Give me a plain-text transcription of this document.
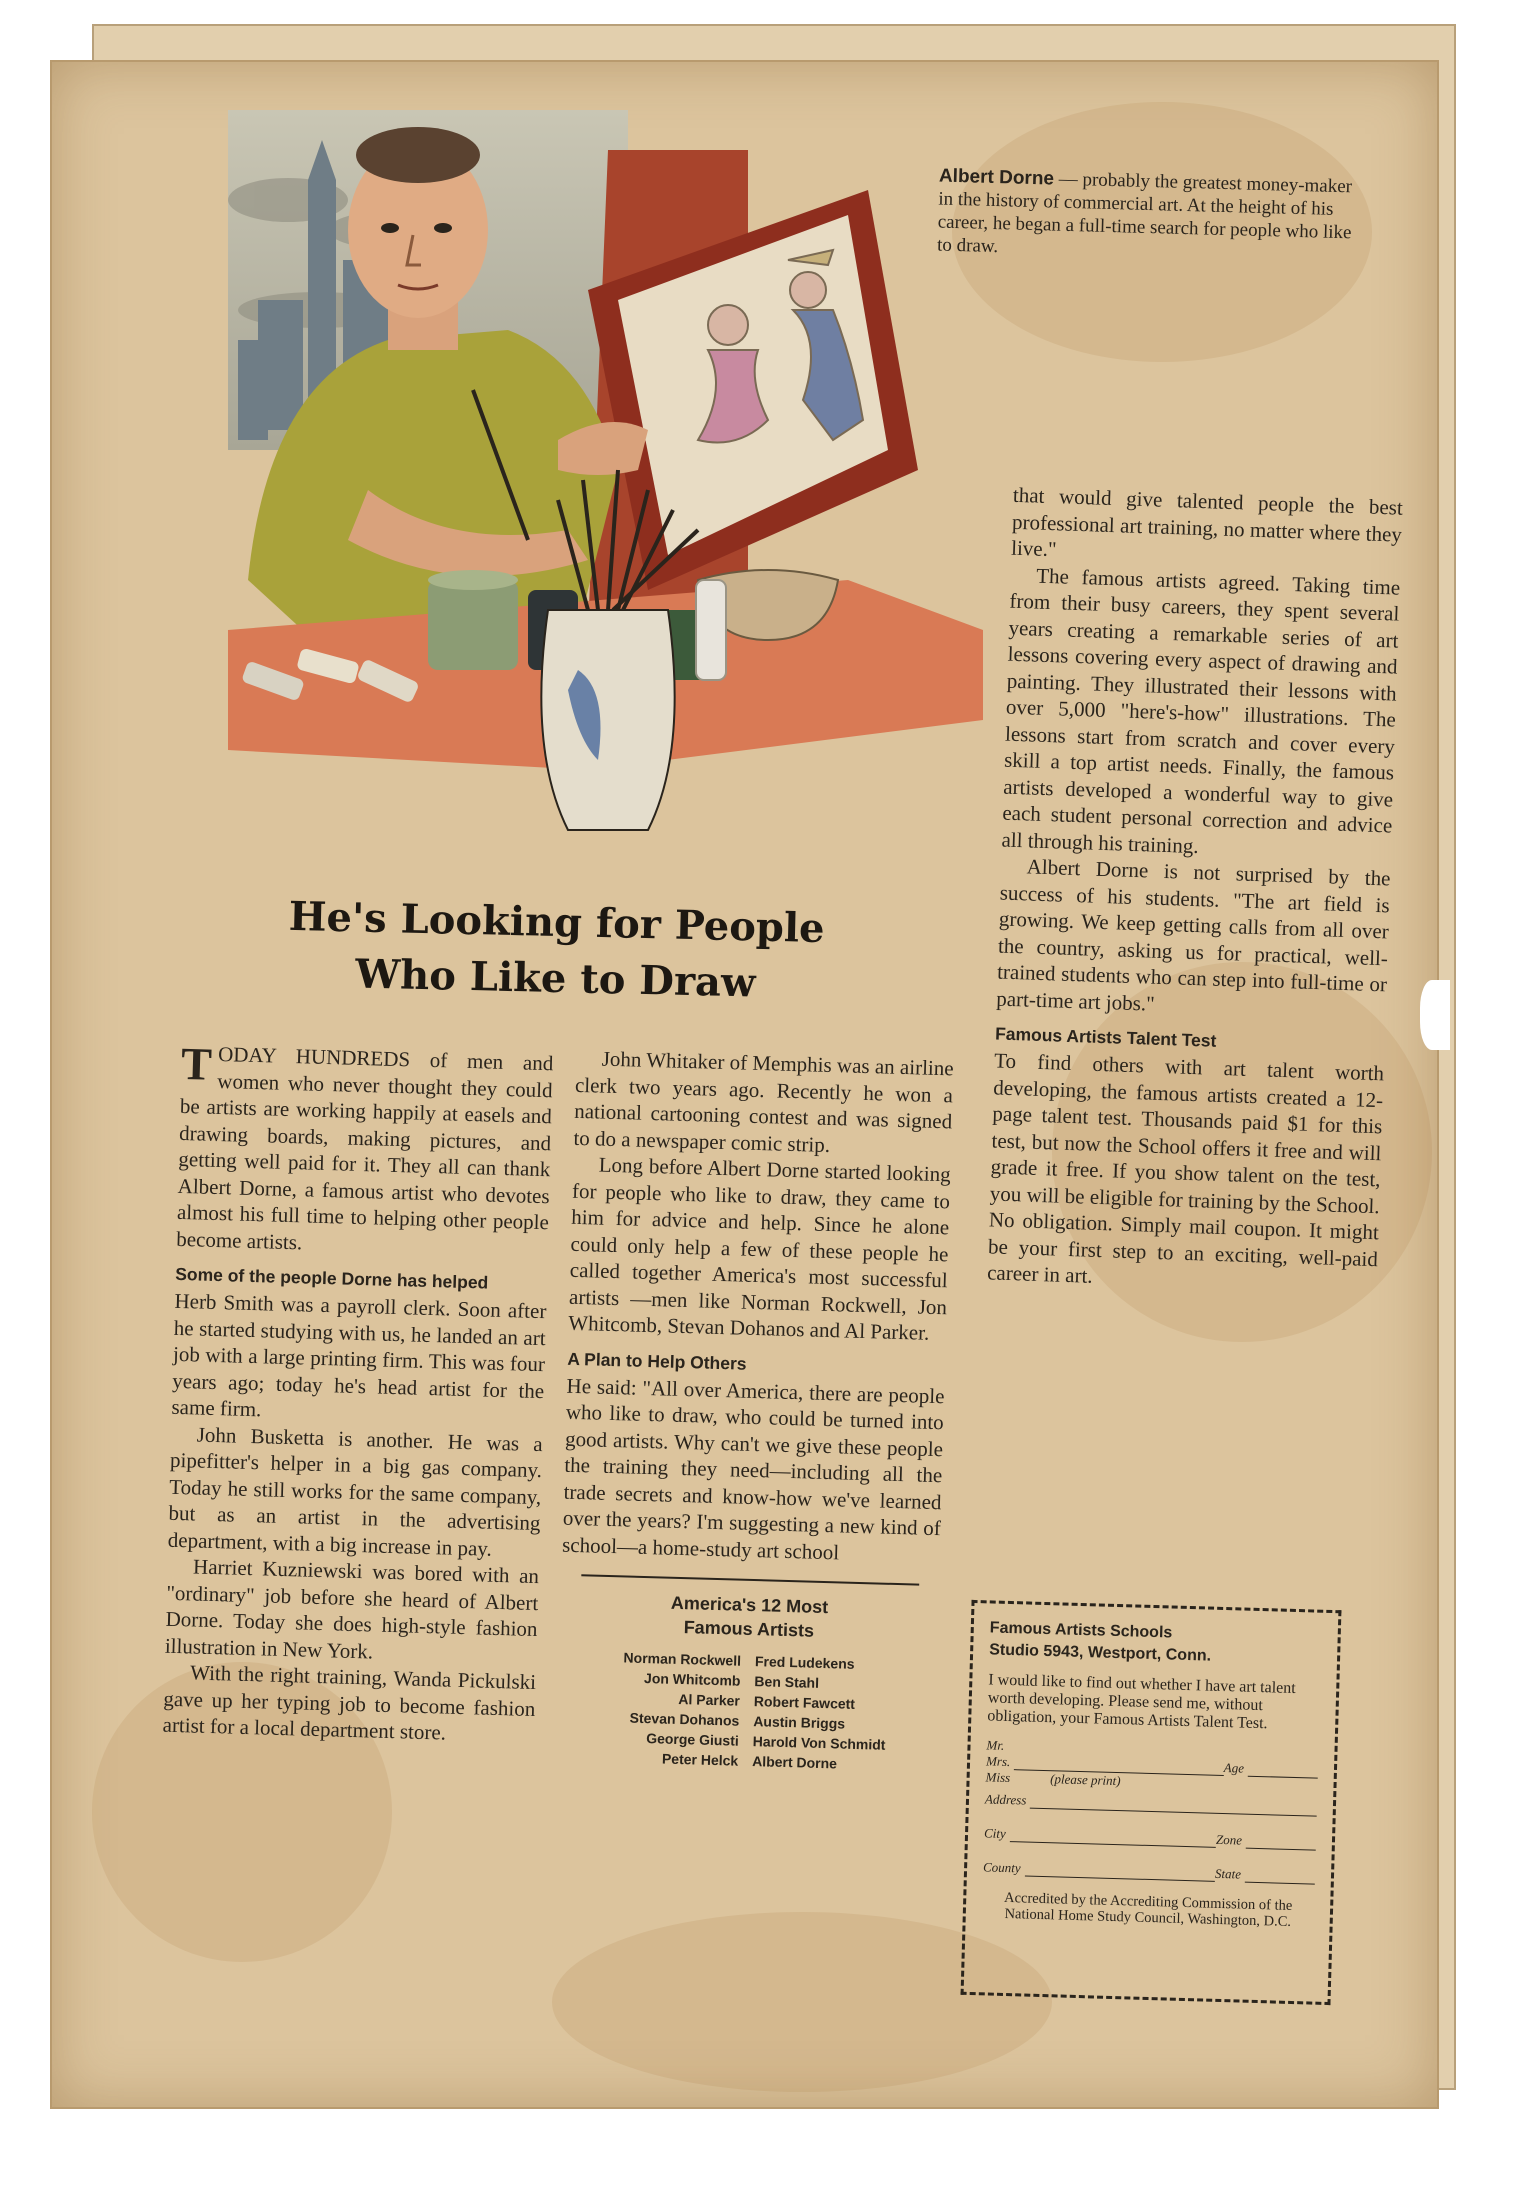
Albert Dorne — probably the greatest money-maker in the history of commercial art. At the height of his career, he began a full-time search for people who like to draw.
He's Looking for People
Who Like to Draw

TODAY HUNDREDS of men and women who never thought they could be artists are working happily at easels and drawing boards, making pictures, and getting well paid for it. They all can thank Albert Dorne, a famous artist who devotes almost his full time to helping other people become artists.

Some of the people Dorne has helped

Herb Smith was a payroll clerk. Soon after he started studying with us, he landed an art job with a large printing firm. This was four years ago; today he's head artist for the same firm.

John Busketta is another. He was a pipefitter's helper in a big gas company. Today he still works for the same company, but as an artist in the advertising department, with a big increase in pay.

Harriet Kuzniewski was bored with an "ordinary" job before she heard of Albert Dorne. Today she does high-style fashion illustration in New York.

With the right training, Wanda Pickulski gave up her typing job to become fashion artist for a local department store.

John Whitaker of Memphis was an airline clerk two years ago. Recently he won a national cartooning contest and was signed to do a newspaper comic strip.

Long before Albert Dorne started looking for people who like to draw, they came to him for advice and help. Since he alone could only help a few of these people he called together America's most successful artists —men like Norman Rockwell, Jon Whitcomb, Stevan Dohanos and Al Parker.

A Plan to Help Others

He said: "All over America, there are people who like to draw, who could be turned into good artists. Why can't we give these people the training they need—including all the trade secrets and know-how we've learned over the years? I'm suggesting a new kind of school—a home-study art school

America's 12 Most
Famous Artists
Norman Rockwell
Jon Whitcomb
Al Parker
Stevan Dohanos
George Giusti
Peter Helck
Fred Ludekens
Ben Stahl
Robert Fawcett
Austin Briggs
Harold Von Schmidt
Albert Dorne

that would give talented people the best professional art training, no matter where they live."

The famous artists agreed. Taking time from their busy careers, they spent several years creating a remarkable series of art lessons covering every aspect of drawing and painting. They illustrated their lessons with over 5,000 "here's-how" illustrations. The lessons start from scratch and cover every skill a top artist needs. Finally, the famous artists developed a wonderful way to give each student personal correction and advice all through his training.

Albert Dorne is not surprised by the success of his students. "The art field is growing. We keep getting calls from all over the country, asking us for practical, well-trained students who can step into full-time or part-time art jobs."

Famous Artists Talent Test

To find others with art talent worth developing, the famous artists created a 12-page talent test. Thousands paid $1 for this test, but now the School offers it free and will grade it free. If you show talent on the test, you will be eligible for training by the School. No obligation. Simply mail coupon. It might be your first step to an exciting, well-paid career in art.

Famous Artists Schools
Studio 5943, Westport, Conn.
I would like to find out whether I have art talent worth developing. Please send me, without obligation, your Famous Artists Talent Test.
Mr.
Mrs.	Age
Miss	(please print)
Address
City	Zone
County	State
Accredited by the Accrediting Commission of the National Home Study Council, Washington, D.C.
